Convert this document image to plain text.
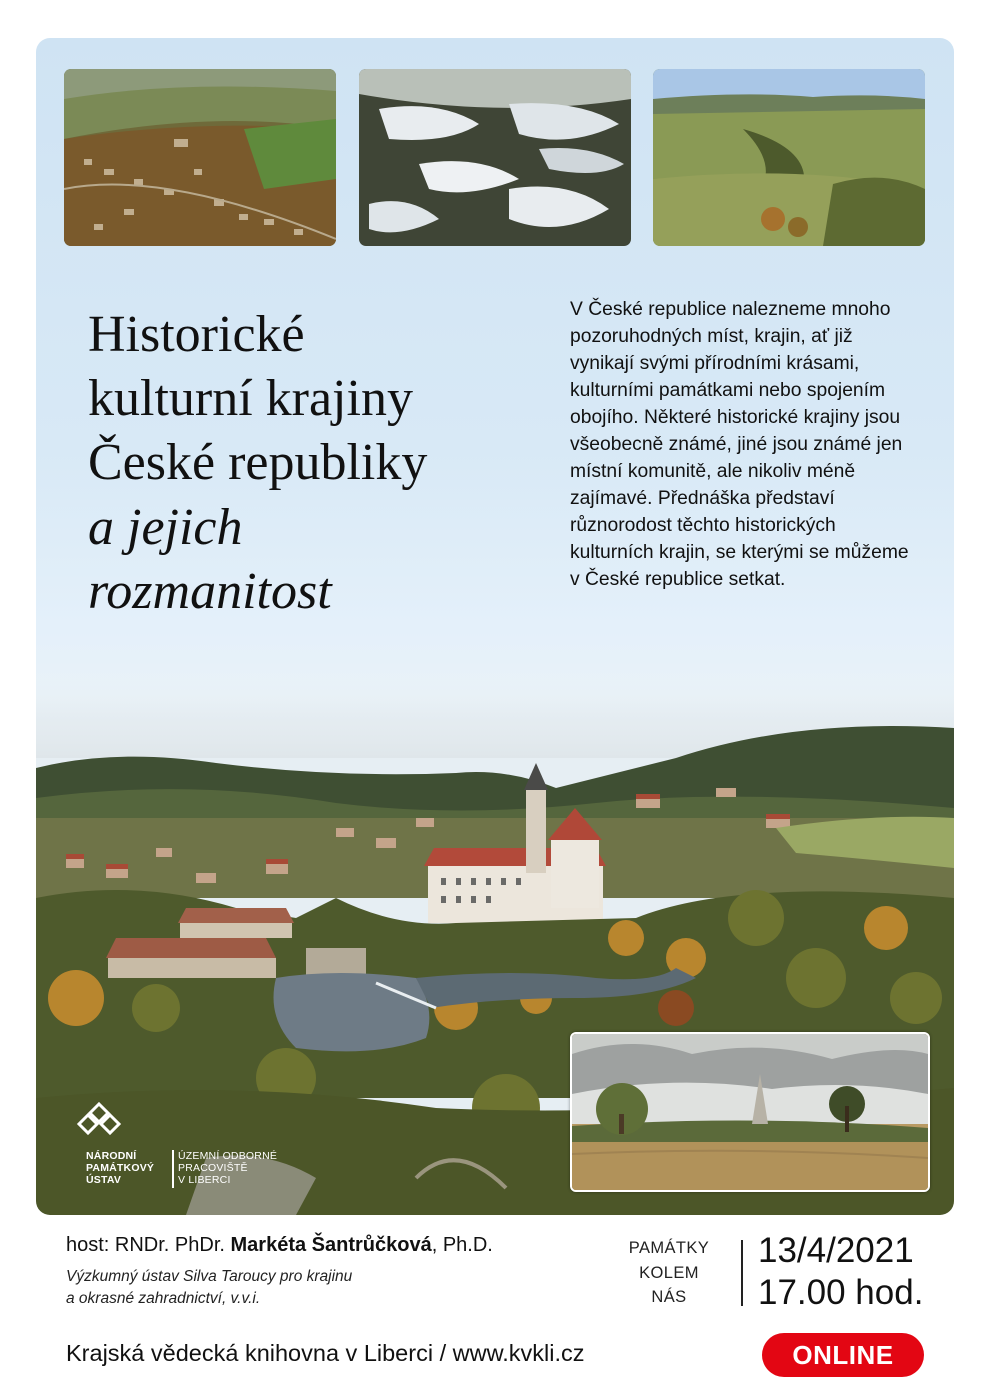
Historické
kulturní krajiny
České republiky
a jejich
rozmanitost
V České republice nalezneme mnoho pozoruhodných míst, krajin, ať již vynikají svými přírodními krásami, kulturními památkami nebo spojením obojího. Některé historické krajiny jsou všeobecně známé, jiné jsou známé jen místní komunitě, ale nikoliv méně zajímavé. Přednáška představí různorodost těchto historických kulturních krajin, se kterými se můžeme v České republice setkat.
NÁRODNÍ
PAMÁTKOVÝ
ÚSTAV
ÚZEMNÍ ODBORNÉ
PRACOVIŠTĚ
V LIBERCI
host: RNDr. PhDr. Markéta Šantrůčková, Ph.D.
Výzkumný ústav Silva Taroucy pro krajinu
a okrasné zahradnictví, v.v.i.
PAMÁTKY
KOLEM
NÁS
13/4/2021
17.00 hod.
Krajská vědecká knihovna v Liberci / www.kvkli.cz	ONLINE
